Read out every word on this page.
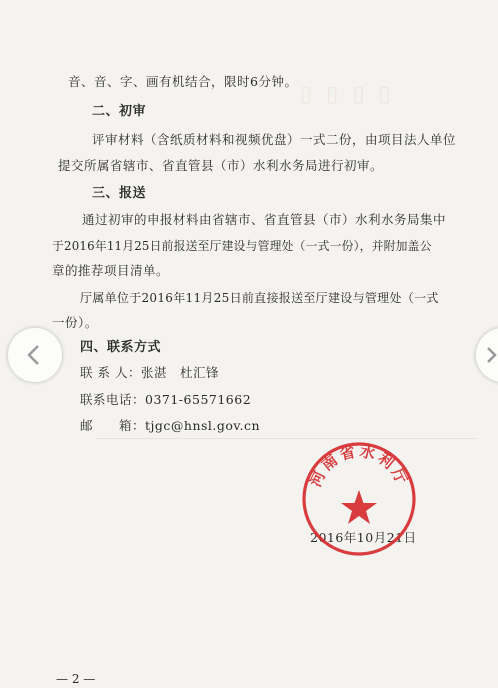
▯▯▯▯
音、音、字、画有机结合，限时6分钟。
二、初审
评审材料（含纸质材料和视频优盘）一式二份，由项目法人单位
提交所属省辖市、省直管县（市）水利水务局进行初审。
三、报送
通过初审的申报材料由省辖市、省直管县（市）水利水务局集中
于2016年11月25日前报送至厅建设与管理处（一式一份），并附加盖公
章的推荐项目清单。
厅属单位于2016年11月25日前直接报送至厅建设与管理处（一式
一份）。
四、联系方式
联 系 人：张湛　杜汇锋
联系电话：0371-65571662
邮　　箱：tjgc@hnsl.gov.cn
2016年10月21日
河南省水利厅
— 2 —
